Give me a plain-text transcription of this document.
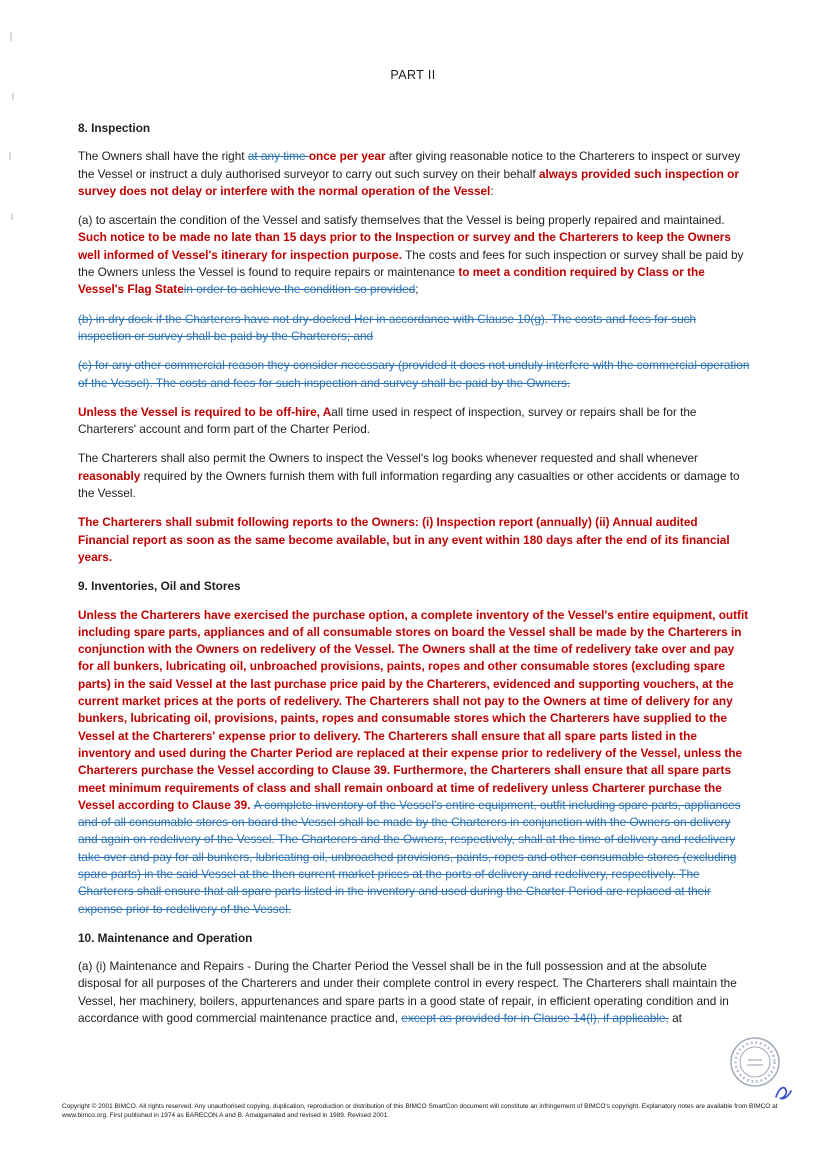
PART II
8. Inspection

The Owners shall have the right at any time once per year after giving reasonable notice to the Charterers to inspect or survey the Vessel or instruct a duly authorised surveyor to carry out such survey on their behalf always provided such inspection or survey does not delay or interfere with the normal operation of the Vessel:

(a) to ascertain the condition of the Vessel and satisfy themselves that the Vessel is being properly repaired and maintained. Such notice to be made no late than 15 days prior to the Inspection or survey and the Charterers to keep the Owners well informed of Vessel's itinerary for inspection purpose. The costs and fees for such inspection or survey shall be paid by the Owners unless the Vessel is found to require repairs or maintenance to meet a condition required by Class or the Vessel's Flag Statein order to achieve the condition so provided;

(b) in dry dock if the Charterers have not dry-docked Her in accordance with Clause 10(g). The costs and fees for such inspection or survey shall be paid by the Charterers; and

(c) for any other commercial reason they consider necessary (provided it does not unduly interfere with the commercial operation of the Vessel). The costs and fees for such inspection and survey shall be paid by the Owners.

Unless the Vessel is required to be off-hire, Aall time used in respect of inspection, survey or repairs shall be for the Charterers' account and form part of the Charter Period.

The Charterers shall also permit the Owners to inspect the Vessel's log books whenever requested and shall whenever reasonably required by the Owners furnish them with full information regarding any casualties or other accidents or damage to the Vessel.

The Charterers shall submit following reports to the Owners: (i) Inspection report (annually) (ii) Annual audited Financial report as soon as the same become available, but in any event within 180 days after the end of its financial years.

9. Inventories, Oil and Stores

Unless the Charterers have exercised the purchase option, a complete inventory of the Vessel's entire equipment, outfit including spare parts, appliances and of all consumable stores on board the Vessel shall be made by the Charterers in conjunction with the Owners on redelivery of the Vessel. The Owners shall at the time of redelivery take over and pay for all bunkers, lubricating oil, unbroached provisions, paints, ropes and other consumable stores (excluding spare parts) in the said Vessel at the last purchase price paid by the Charterers, evidenced and supporting vouchers, at the current market prices at the ports of redelivery. The Charterers shall not pay to the Owners at time of delivery for any bunkers, lubricating oil, provisions, paints, ropes and consumable stores which the Charterers have supplied to the Vessel at the Charterers' expense prior to delivery. The Charterers shall ensure that all spare parts listed in the inventory and used during the Charter Period are replaced at their expense prior to redelivery of the Vessel, unless the Charterers purchase the Vessel according to Clause 39. Furthermore, the Charterers shall ensure that all spare parts meet minimum requirements of class and shall remain onboard at time of redelivery unless Charterer purchase the Vessel according to Clause 39. A complete inventory of the Vessel's entire equipment, outfit including spare parts, appliances and of all consumable stores on board the Vessel shall be made by the Charterers in conjunction with the Owners on delivery and again on redelivery of the Vessel. The Charterers and the Owners, respectively, shall at the time of delivery and redelivery take over and pay for all bunkers, lubricating oil, unbroached provisions, paints, ropes and other consumable stores (excluding spare parts) in the said Vessel at the then current market prices at the ports of delivery and redelivery, respectively. The Charterers shall ensure that all spare parts listed in the inventory and used during the Charter Period are replaced at their expense prior to redelivery of the Vessel.

10. Maintenance and Operation

(a) (i) Maintenance and Repairs - During the Charter Period the Vessel shall be in the full possession and at the absolute disposal for all purposes of the Charterers and under their complete control in every respect. The Charterers shall maintain the Vessel, her machinery, boilers, appurtenances and spare parts in a good state of repair, in efficient operating condition and in accordance with good commercial maintenance practice and, except as provided for in Clause 14(l), if applicable, at

Copyright © 2001 BIMCO. All rights reserved. Any unauthorised copying, duplication, reproduction or distribution of this BIMCO SmartCon document will constitute an infringement of BIMCO's copyright. Explanatory notes are available from BIMCO at www.bimco.org. First published in 1974 as BARECON A and B. Amalgamated and revised in 1989. Revised 2001.
